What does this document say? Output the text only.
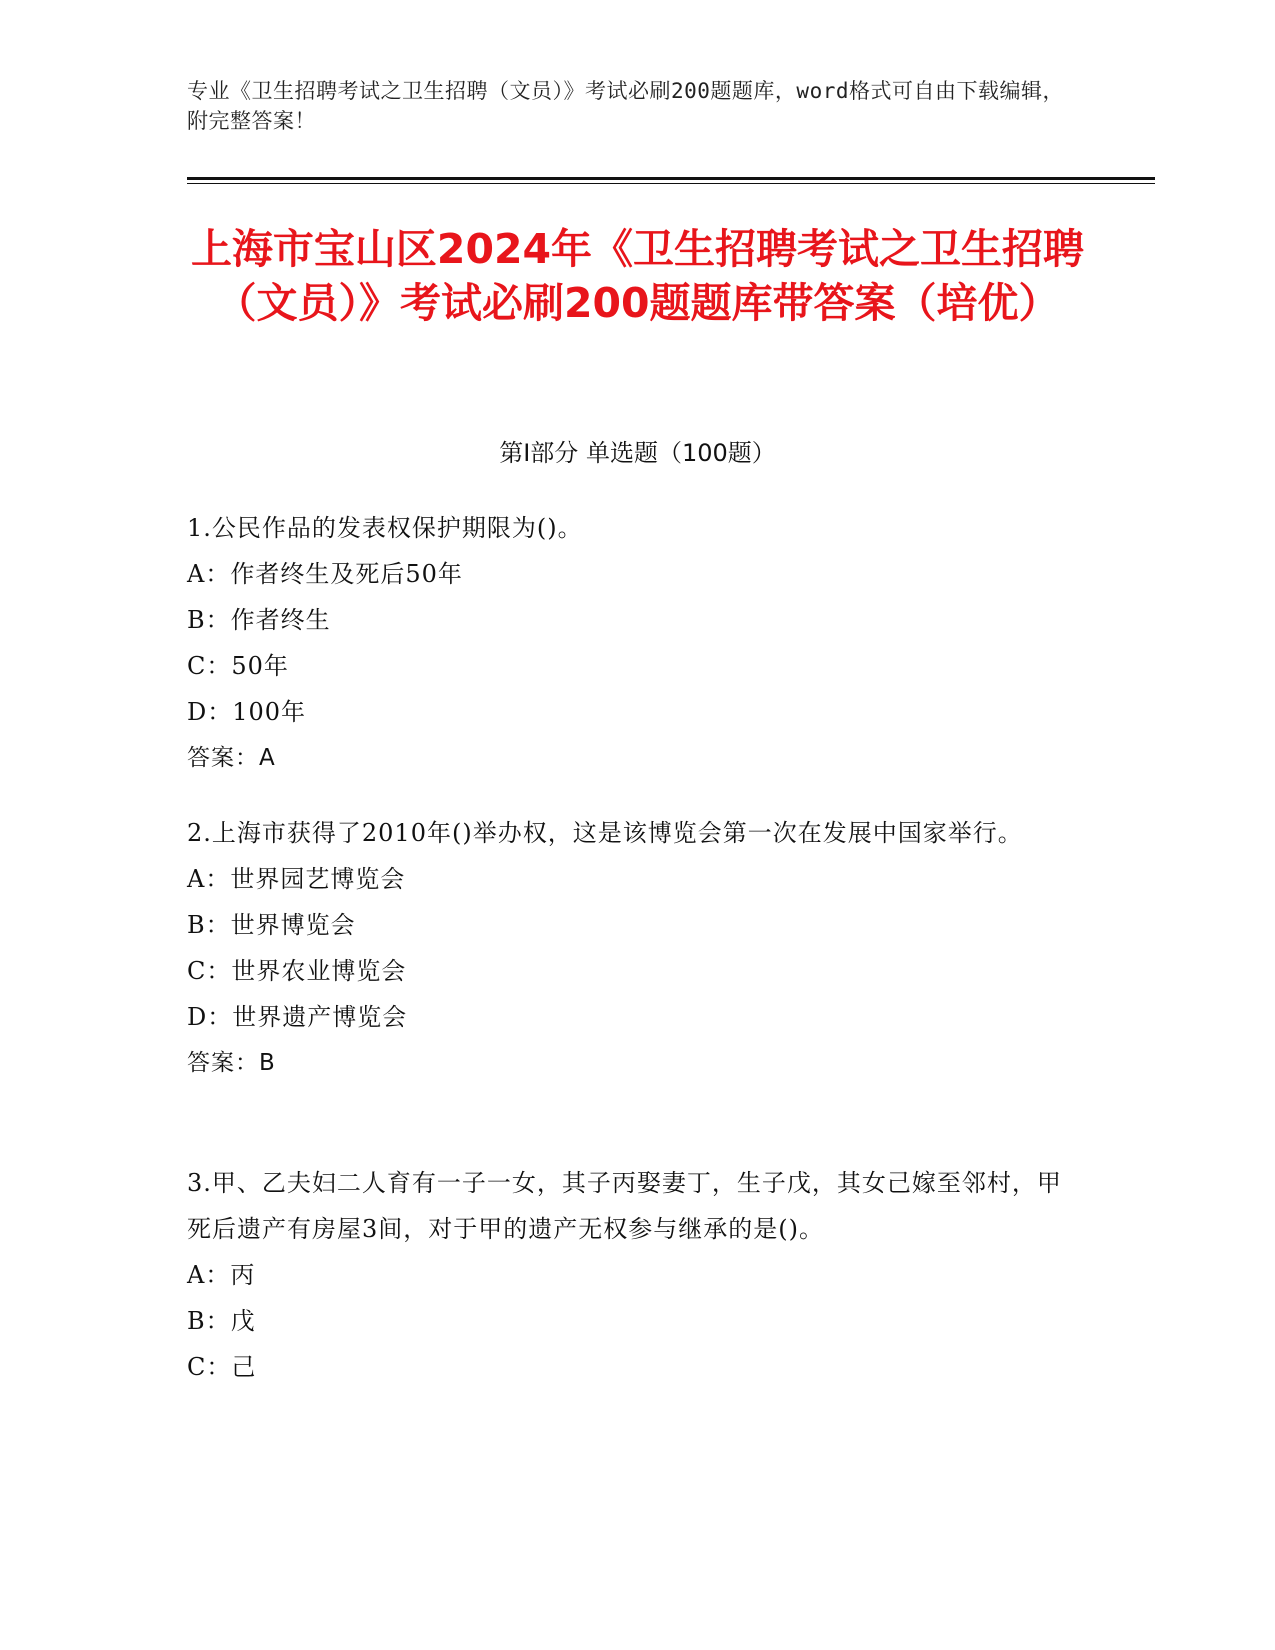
专业《卫生招聘考试之卫生招聘（文员）》考试必刷200题题库，word格式可自由下载编辑，附完整答案！
上海市宝山区2024年《卫生招聘考试之卫生招聘（文员）》考试必刷200题题库带答案（培优）
第I部分 单选题（100题）

1.公民作品的发表权保护期限为()。

A：作者终生及死后50年

B：作者终生

C：50年

D：100年

答案：A

2.上海市获得了2010年()举办权，这是该博览会第一次在发展中国家举行。

A：世界园艺博览会

B：世界博览会

C：世界农业博览会

D：世界遗产博览会

答案：B

3.甲、乙夫妇二人育有一子一女，其子丙娶妻丁，生子戊，其女己嫁至邻村，甲死后遗产有房屋3间，对于甲的遗产无权参与继承的是()。

A：丙

B：戊

C：己
